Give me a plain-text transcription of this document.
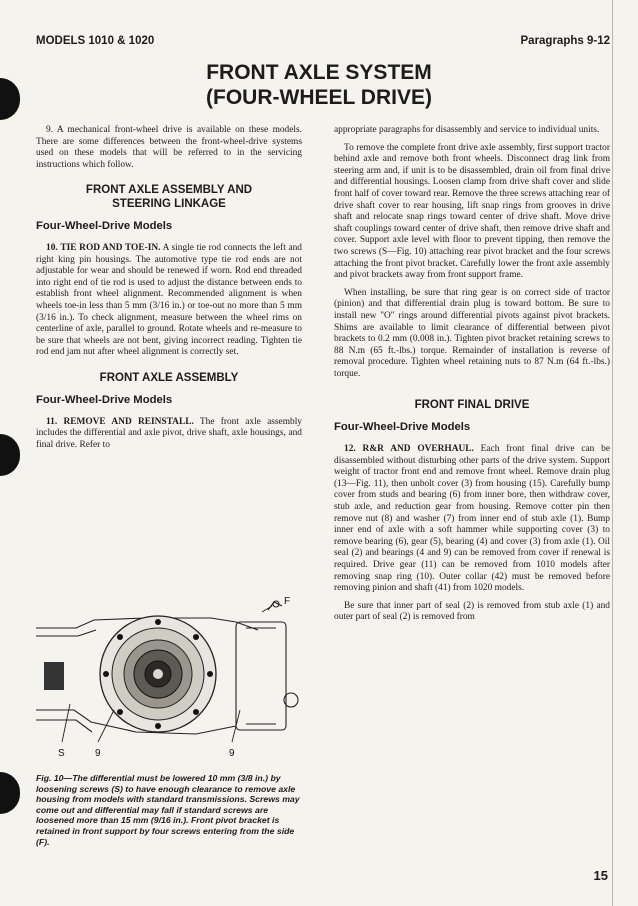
MODELS 1010 & 1020	Paragraphs 9-12
FRONT AXLE SYSTEM
(FOUR-WHEEL DRIVE)

9. A mechanical front-wheel drive is available on these models. There are some differences between the front-wheel-drive systems used on these models that will be referred to in the servicing instructions which follow.

FRONT AXLE ASSEMBLY AND
STEERING LINKAGE
Four-Wheel-Drive Models

10. TIE ROD AND TOE-IN. A single tie rod connects the left and right king pin housings. The automotive type tie rod ends are not adjustable for wear and should be renewed if worn. Rod end threaded into right end of tie rod is used to adjust the distance between ends to establish front wheel alignment. Recommended alignment is when wheels toe-in less than 5 mm (3/16 in.) or toe-out no more than 5 mm (3/16 in.). To check alignment, measure between the wheel rims on centerline of axle, parallel to ground. Rotate wheels and re-measure to be sure that wheels are not bent, giving incorrect reading. Tighten tie rod end jam nut after wheel alignment is correctly set.

FRONT AXLE ASSEMBLY
Four-Wheel-Drive Models

11. REMOVE AND REINSTALL. The front axle assembly includes the differential and axle pivot, drive shaft, axle housings, and final drive. Refer to

F
S	9	9
Fig. 10—The differential must be lowered 10 mm (3/8 in.) by loosening screws (S) to have enough clearance to remove axle housing from models with standard transmissions. Screws may come out and differential may fall if standard screws are loosened more than 15 mm (9/16 in.). Front pivot bracket is retained in front support by four screws entering from the side (F).

appropriate paragraphs for disassembly and service to individual units.

To remove the complete front drive axle assembly, first support tractor behind axle and remove both front wheels. Disconnect drag link from steering arm and, if unit is to be disassembled, drain oil from final drive and differential housings. Loosen clamp from drive shaft cover and slide front half of cover toward rear. Remove the three screws attaching rear of drive shaft cover to rear housing, lift snap rings from grooves in drive shaft and relocate snap rings toward center of drive shaft. Move drive shaft couplings toward center of drive shaft, then remove drive shaft and cover. Support axle level with floor to prevent tipping, then remove the two screws (S—Fig. 10) attaching rear pivot bracket and the four screws attaching the front pivot bracket. Carefully lower the front axle assembly and pivot brackets away from front support frame.

When installing, be sure that ring gear is on correct side of tractor (pinion) and that differential drain plug is toward bottom. Be sure to install new "O" rings around differential pivots against pivot brackets. Shims are available to limit clearance of differential between pivot brackets to 0.2 mm (0.008 in.). Tighten pivot bracket retaining screws to 88 N.m (65 ft.-lbs.) torque. Remainder of installation is reverse of removal procedure. Tighten wheel retaining nuts to 87 N.m (64 ft.-lbs.) torque.

FRONT FINAL DRIVE
Four-Wheel-Drive Models

12. R&R AND OVERHAUL. Each front final drive can be disassembled without disturbing other parts of the drive system. Support weight of tractor front end and remove front wheel. Remove drain plug (13—Fig. 11), then unbolt cover (3) from housing (15). Carefully bump cover from studs and bearing (6) from inner bore, then withdraw cover, stub axle, and reduction gear from housing. Remove cotter pin then remove nut (8) and washer (7) from inner end of stub axle (1). Bump inner end of axle with a soft hammer while supporting cover (3) to remove bearing (6), gear (5), bearing (4) and cover (3) from axle (1). Oil seal (2) and bearings (4 and 9) can be removed from cover if renewal is required. Drive gear (11) can be removed from 1010 models after removing snap ring (10). Outer collar (42) must be removed before removing pinion and shaft (41) from 1020 models.

Be sure that inner part of seal (2) is removed from stub axle (1) and outer part of seal (2) is removed from

15
